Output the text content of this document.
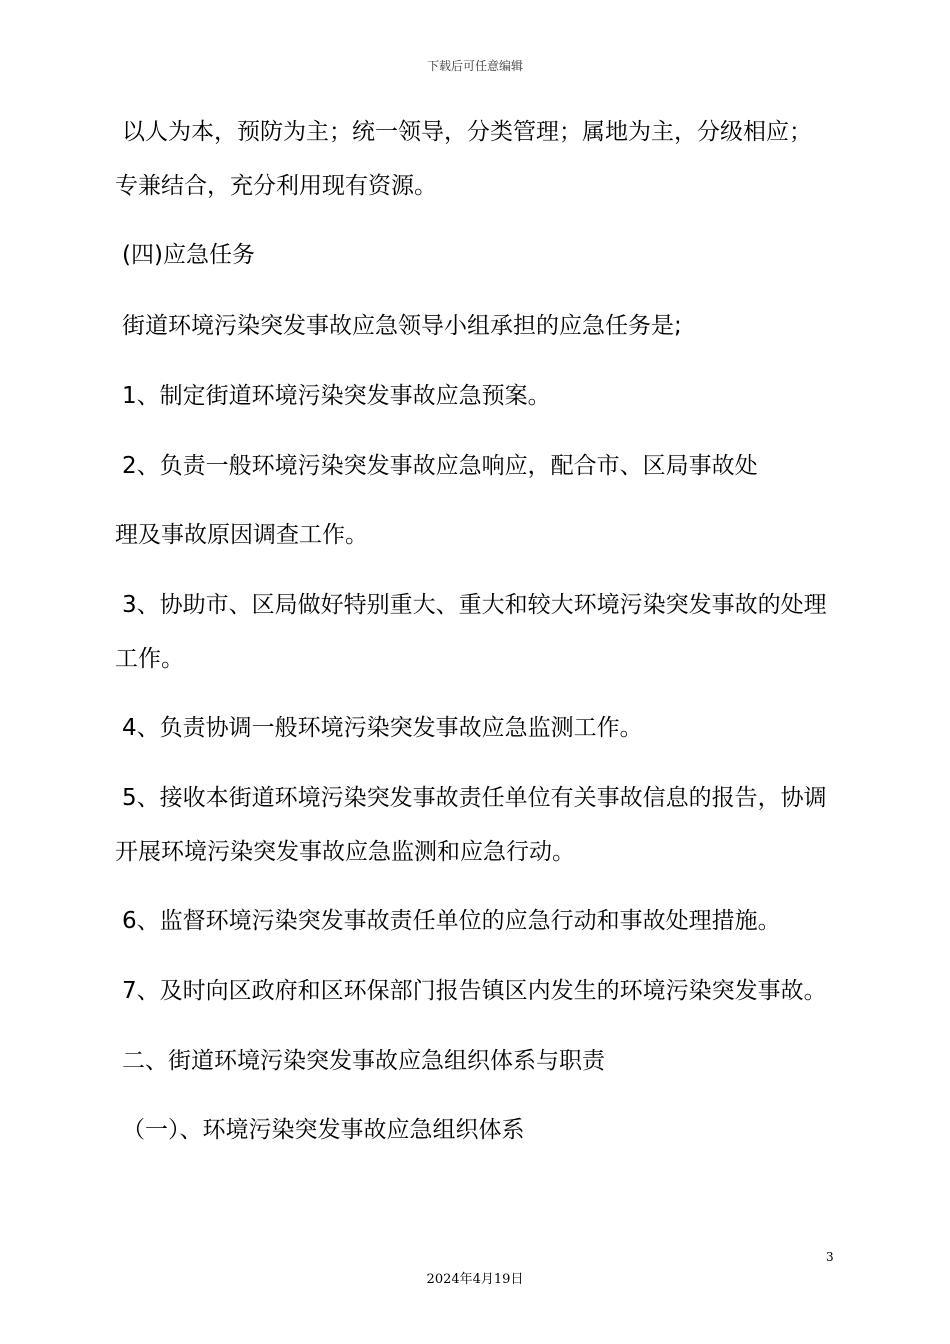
下载后可任意编辑
以人为本，预防为主；统一领导，分类管理；属地为主，分级相应；
专兼结合，充分利用现有资源。
(四)应急任务
街道环境污染突发事故应急领导小组承担的应急任务是;
1、制定街道环境污染突发事故应急预案。
2、负责一般环境污染突发事故应急响应，配合市、区局事故处
理及事故原因调查工作。
3、协助市、区局做好特别重大、重大和较大环境污染突发事故的处理
工作。
4、负责协调一般环境污染突发事故应急监测工作。
5、接收本街道环境污染突发事故责任单位有关事故信息的报告，协调
开展环境污染突发事故应急监测和应急行动。
6、监督环境污染突发事故责任单位的应急行动和事故处理措施。
7、及时向区政府和区环保部门报告镇区内发生的环境污染突发事故。
二、街道环境污染突发事故应急组织体系与职责
（一）、环境污染突发事故应急组织体系
3
2024年4月19日
